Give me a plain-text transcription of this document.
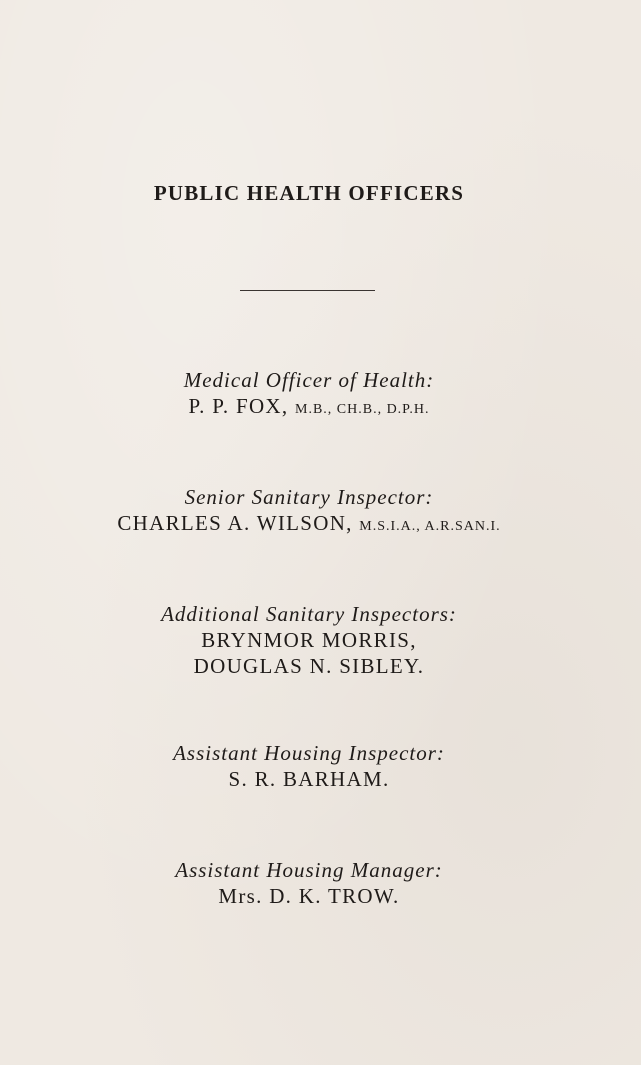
PUBLIC HEALTH OFFICERS
Medical Officer of Health:
P. P. FOX, M.B., CH.B., D.P.H.
Senior Sanitary Inspector:
CHARLES A. WILSON, M.S.I.A., A.R.SAN.I.
Additional Sanitary Inspectors:
BRYNMOR MORRIS,
DOUGLAS N. SIBLEY.
Assistant Housing Inspector:
S. R. BARHAM.
Assistant Housing Manager:
Mrs. D. K. TROW.
